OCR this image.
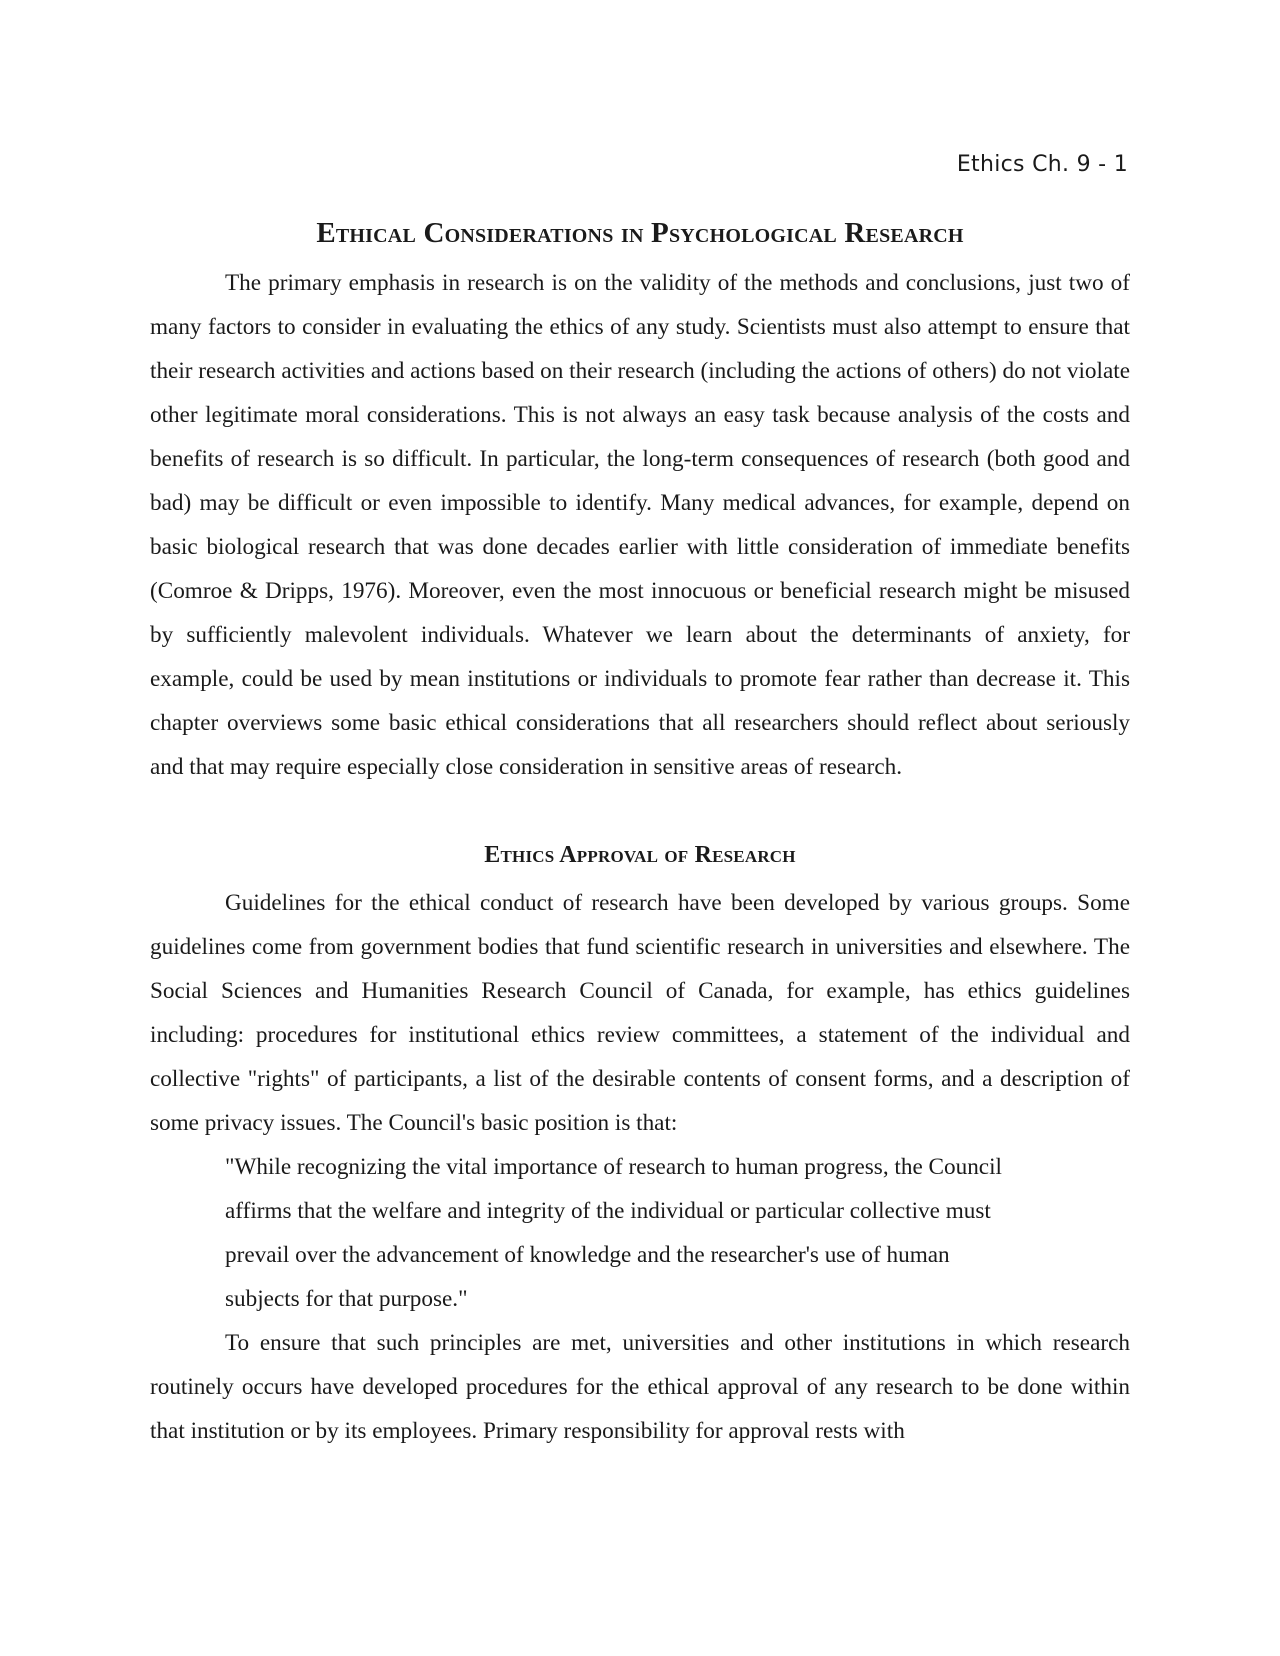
Ethics Ch. 9 - 1
Ethical Considerations in Psychological Research

The primary emphasis in research is on the validity of the methods and conclusions, just two of many factors to consider in evaluating the ethics of any study. Scientists must also attempt to ensure that their research activities and actions based on their research (including the actions of others) do not violate other legitimate moral considerations. This is not always an easy task because analysis of the costs and benefits of research is so difficult. In particular, the long-term consequences of research (both good and bad) may be difficult or even impossible to identify. Many medical advances, for example, depend on basic biological research that was done decades earlier with little consideration of immediate benefits (Comroe & Dripps, 1976). Moreover, even the most innocuous or beneficial research might be misused by sufficiently malevolent individuals. Whatever we learn about the determinants of anxiety, for example, could be used by mean institutions or individuals to promote fear rather than decrease it. This chapter overviews some basic ethical considerations that all researchers should reflect about seriously and that may require especially close consideration in sensitive areas of research.

Ethics Approval of Research

Guidelines for the ethical conduct of research have been developed by various groups. Some guidelines come from government bodies that fund scientific research in universities and elsewhere. The Social Sciences and Humanities Research Council of Canada, for example, has ethics guidelines including: procedures for institutional ethics review committees, a statement of the individual and collective "rights" of participants, a list of the desirable contents of consent forms, and a description of some privacy issues. The Council's basic position is that:

"While recognizing the vital importance of research to human progress, the Council affirms that the welfare and integrity of the individual or particular collective must prevail over the advancement of knowledge and the researcher's use of human subjects for that purpose."

To ensure that such principles are met, universities and other institutions in which research routinely occurs have developed procedures for the ethical approval of any research to be done within that institution or by its employees. Primary responsibility for approval rests with
